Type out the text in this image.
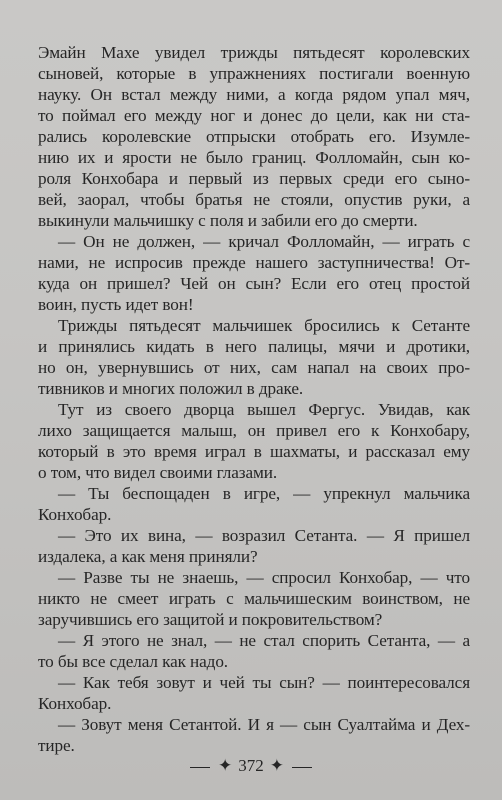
Эмайн Махе увидел трижды пятьдесят королевских
сыновей, которые в упражнениях постигали военную
науку. Он встал между ними, а когда рядом упал мяч,
то поймал его между ног и донес до цели, как ни ста-
рались королевские отпрыски отобрать его. Изумле-
нию их и ярости не было границ. Фолломайн, сын ко-
роля Конхобара и первый из первых среди его сыно-
вей, заорал, чтобы братья не стояли, опустив руки, а
выкинули мальчишку с поля и забили его до смерти.
— Он не должен, — кричал Фолломайн, — играть с
нами, не испросив прежде нашего заступничества! От-
куда он пришел? Чей он сын? Если его отец простой
воин, пусть идет вон!
Трижды пятьдесят мальчишек бросились к Сетанте
и принялись кидать в него палицы, мячи и дротики,
но он, увернувшись от них, сам напал на своих про-
тивников и многих положил в драке.
Тут из своего дворца вышел Фергус. Увидав, как
лихо защищается малыш, он привел его к Конхобару,
который в это время играл в шахматы, и рассказал ему
о том, что видел своими глазами.
— Ты беспощаден в игре, — упрекнул мальчика
Конхобар.
— Это их вина, — возразил Сетанта. — Я пришел
издалека, а как меня приняли?
— Разве ты не знаешь, — спросил Конхобар, — что
никто не смеет играть с мальчишеским воинством, не
заручившись его защитой и покровительством?
— Я этого не знал, — не стал спорить Сетанта, — а
то бы все сделал как надо.
— Как тебя зовут и чей ты сын? — поинтересовался
Конхобар.
— Зовут меня Сетантой. И я — сын Суалтайма и Дех-
тире.
✦ 372 ✦
